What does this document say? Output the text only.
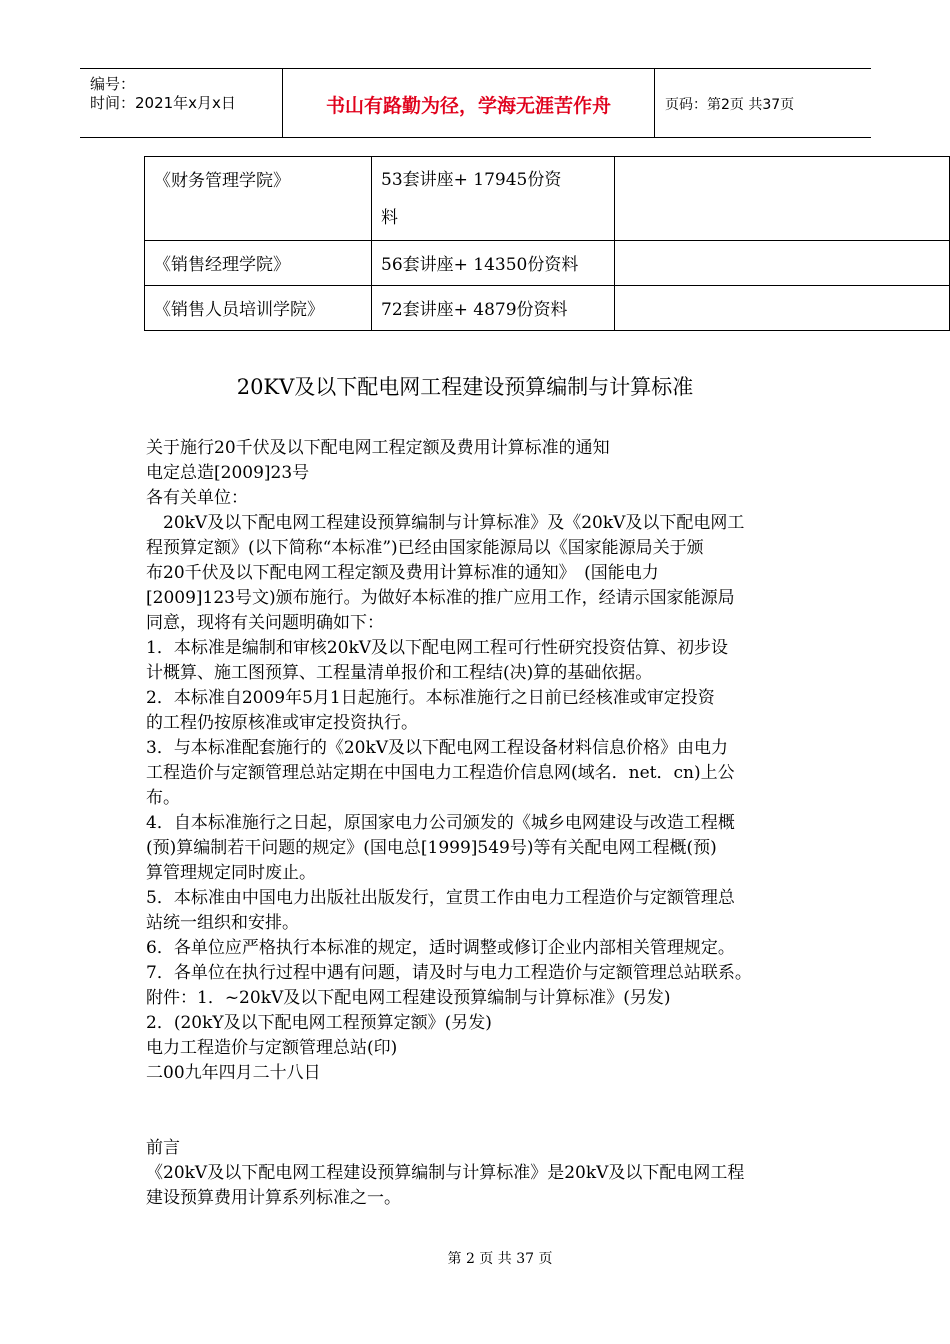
编号：
时间：2021年x月x日	书山有路勤为径，学海无涯苦作舟	页码：第2页 共37页
《财务管理学院》	53套讲座+ 17945份资
料	

《销售经理学院》	56套讲座+ 14350份资料	
《销售人员培训学院》	72套讲座+ 4879份资料	
20KV及以下配电网工程建设预算编制与计算标准
关于施行20千伏及以下配电网工程定额及费用计算标准的通知
电定总造[2009]23号
各有关单位：
　20kV及以下配电网工程建设预算编制与计算标准》及《20kV及以下配电网工
程预算定额》(以下简称“本标准”)已经由国家能源局以《国家能源局关于颁
布20千伏及以下配电网工程定额及费用计算标准的通知》　(国能电力
[2009]123号文)颁布施行。为做好本标准的推广应用工作，经请示国家能源局
同意，现将有关问题明确如下：
1．本标准是编制和审核20kV及以下配电网工程可行性研究投资估算、初步设
计概算、施工图预算、工程量清单报价和工程结(决)算的基础依据。
2．本标准自2009年5月1日起施行。本标准施行之日前已经核准或审定投资
的工程仍按原核准或审定投资执行。
3．与本标准配套施行的《20kV及以下配电网工程设备材料信息价格》由电力
工程造价与定额管理总站定期在中国电力工程造价信息网(域名．net．cn)上公
布。
4．自本标准施行之日起，原国家电力公司颁发的《城乡电网建设与改造工程概
(预)算编制若干问题的规定》(国电总[1999]549号)等有关配电网工程概(预)
算管理规定同时废止。
5．本标准由中国电力出版社出版发行，宣贯工作由电力工程造价与定额管理总
站统一组织和安排。
6．各单位应严格执行本标准的规定，适时调整或修订企业内部相关管理规定。
7．各单位在执行过程中遇有问题，请及时与电力工程造价与定额管理总站联系。
附件：1．~20kV及以下配电网工程建设预算编制与计算标准》(另发)
2．(20kY及以下配电网工程预算定额》(另发)
电力工程造价与定额管理总站(印)
二00九年四月二十八日
前言
《20kV及以下配电网工程建设预算编制与计算标准》是20kV及以下配电网工程
建设预算费用计算系列标准之一。
第 2 页 共 37 页
